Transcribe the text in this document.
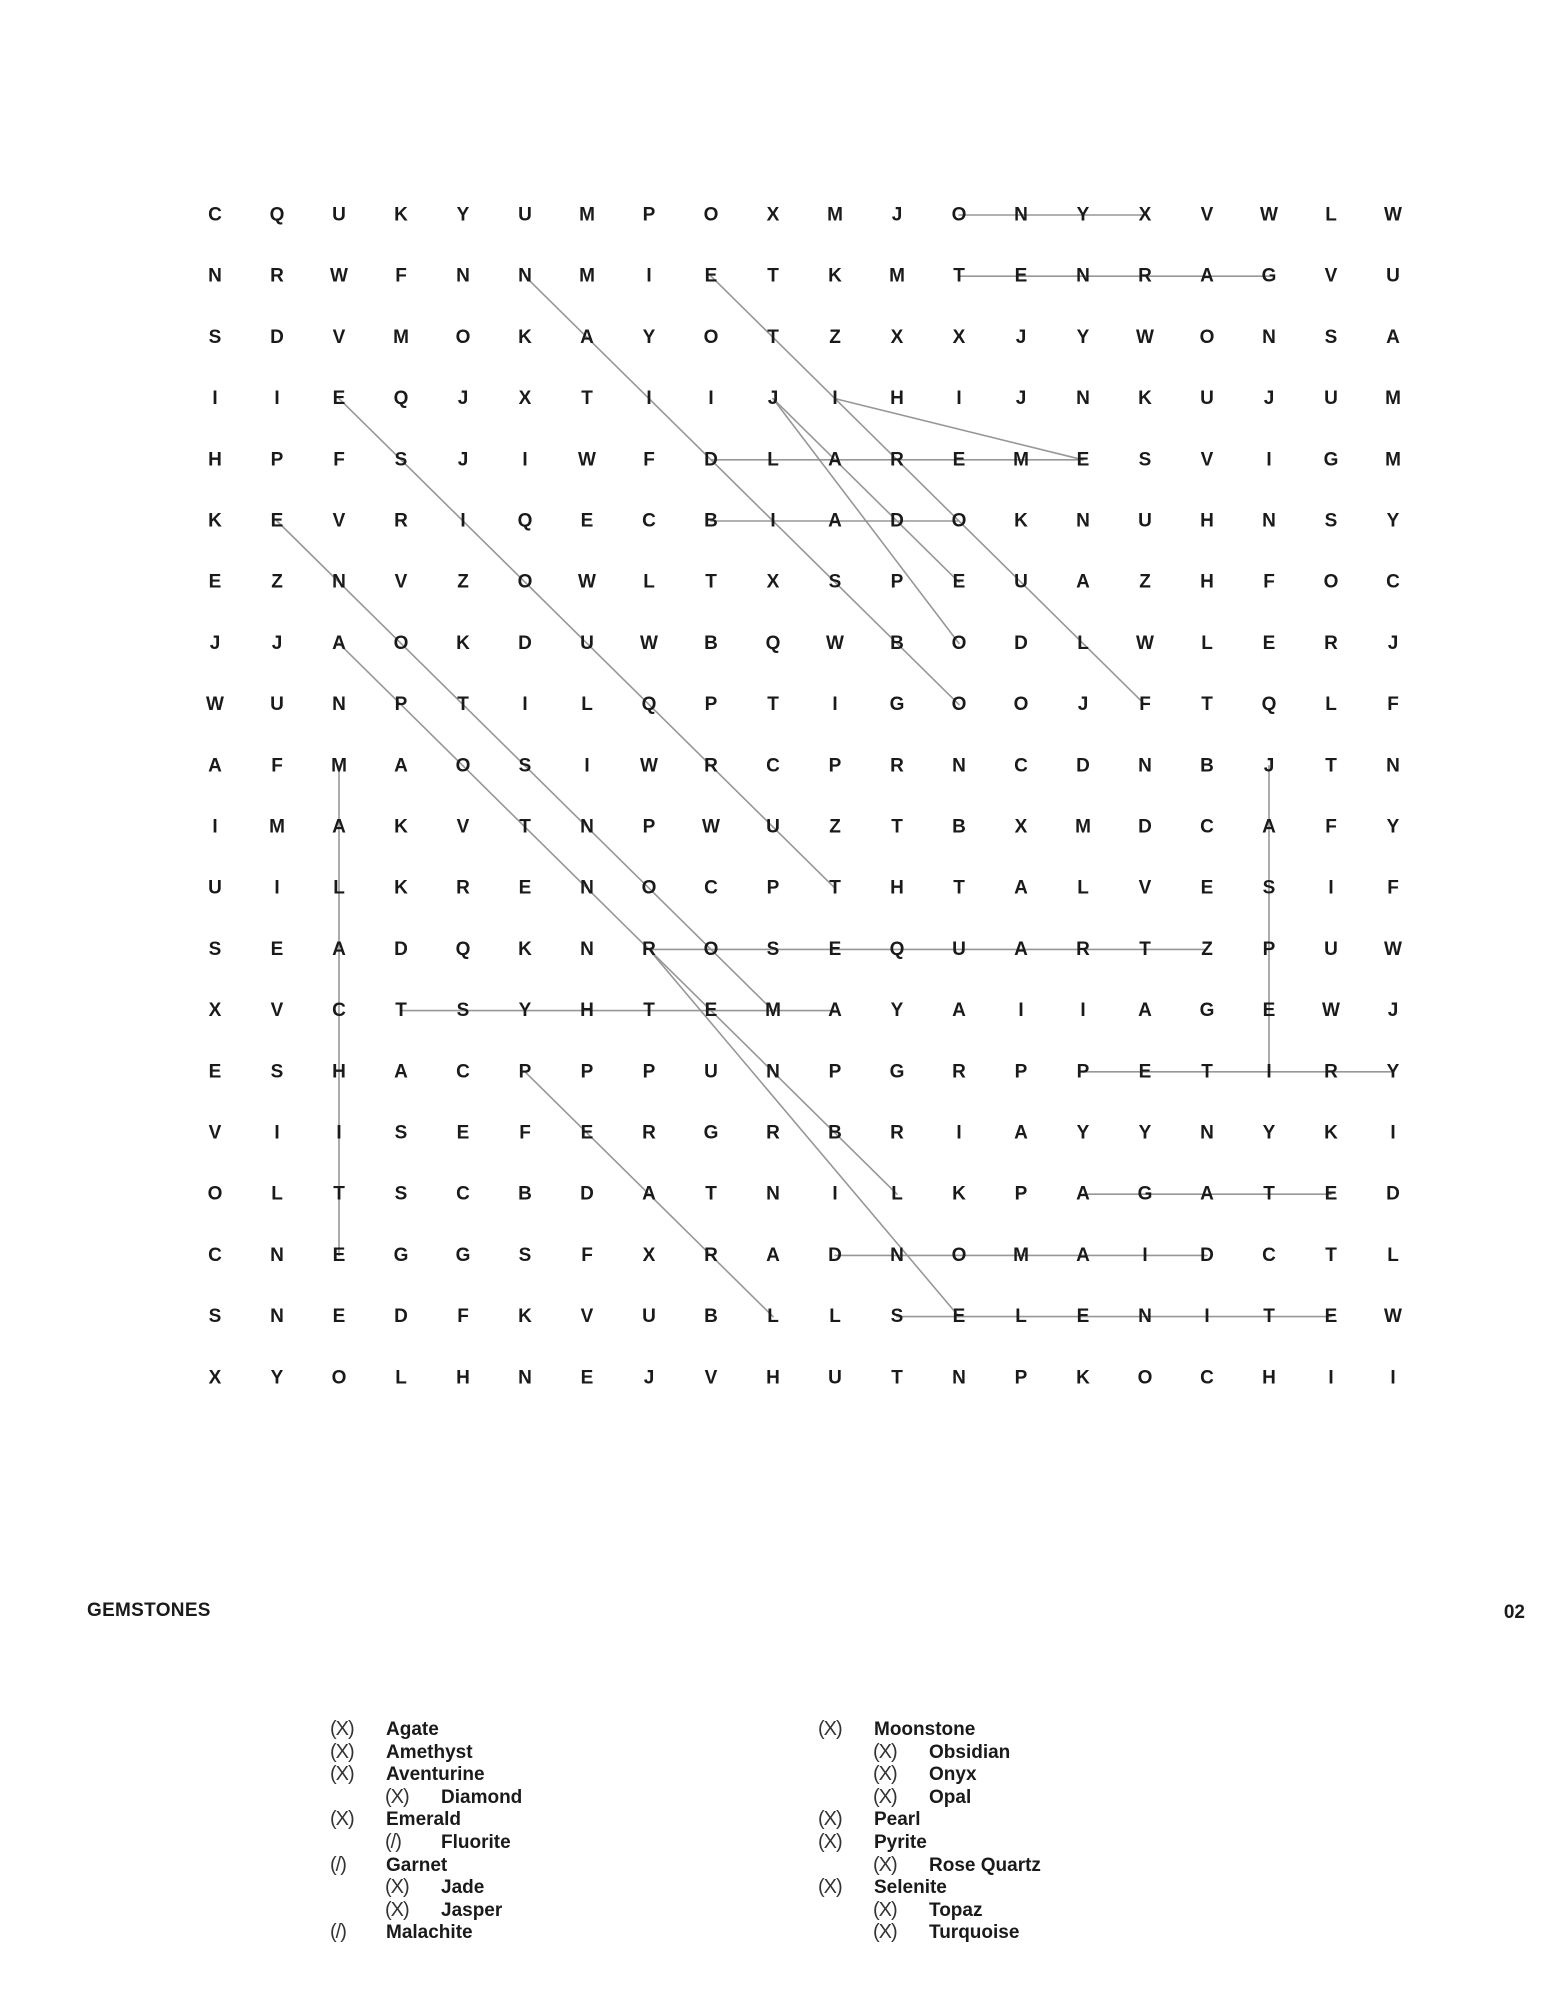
C	Q	U	K	Y	U M	P	O	X	M	J	O	N	Y	X	V W L W
N	R W F	N	N M	I	E	T	K M	T	E	N	R	A	G	V	U
S	D	V	M O	K	A	Y	O	T	Z	X	X	J	Y W O	N	S	A
I	I	E	Q	J	X	T	I	I	J	I	H	I	J	N	K	U	J	U M
H	P	F	S	J	I	W F	D	L	A	R	E	M	E	S	V	I	G M
K	E	V	R	I	Q	E	C	B	I	A	D	O	K	N	U	H	N	S	Y
E	Z	N	V	Z	O W L	T	X	S	P	E	U	A	Z	H	F	O	C
J	J	A	O	K	D	U W B	Q W B	O	D	L W L	E	R	J
W U	N	P	T	I	L	Q	P	T	I	G O O	J	F	T	Q	L	F
A	F	M A	O	S	I	W R	C	P	R	N	C	D	N	B	J	T	N
I	M A	K	V	T	N	P W U	Z	T	B	X	M D	C	A	F	Y
U	I	L	K	R	E	N	O	C	P	T	H	T	A	L	V	E	S	I	F
S	E	A	D	Q	K	N	R	O	S	E	Q	U	A	R	T	Z	P	U W
X	V	C	T	S	Y	H	T	E	M A	Y	A	I	I	A	G	E W	J
E	S	H	A	C	P	P	P	U	N	P	G	R	P	P	E	T	I	R	Y
V	I	I	S	E	F	E	R	G	R	B	R	I	A	Y	Y	N	Y	K	I
O	L	T	S	C	B	D	A	T	N	I	L	K	P	A	G	A	T	E	D
C	N	E	G G	S	F	X	R	A	D	N	O M A	I	D	C	T	L
S	N	E	D	F	K	V	U	B	L	L	S	E	L	E	N	I	T	E W
X	Y	O	L	H	N	E	J	V	H	U	T	N	P	K	O	C	H	I	I
GEMSTONES	02
(X) Agate
(X) Amethyst
(X) Aventurine
(X) Diamond
(X) Emerald
(/) Fluorite
(/) Garnet
(X) Jade
(X) Jasper
(/) Malachite
(X) Moonstone
(X) Obsidian
(X) Onyx
(X) Opal
(X) Pearl
(X) Pyrite
(X) Rose Quartz
(X) Selenite
(X) Topaz
(X) Turquoise
